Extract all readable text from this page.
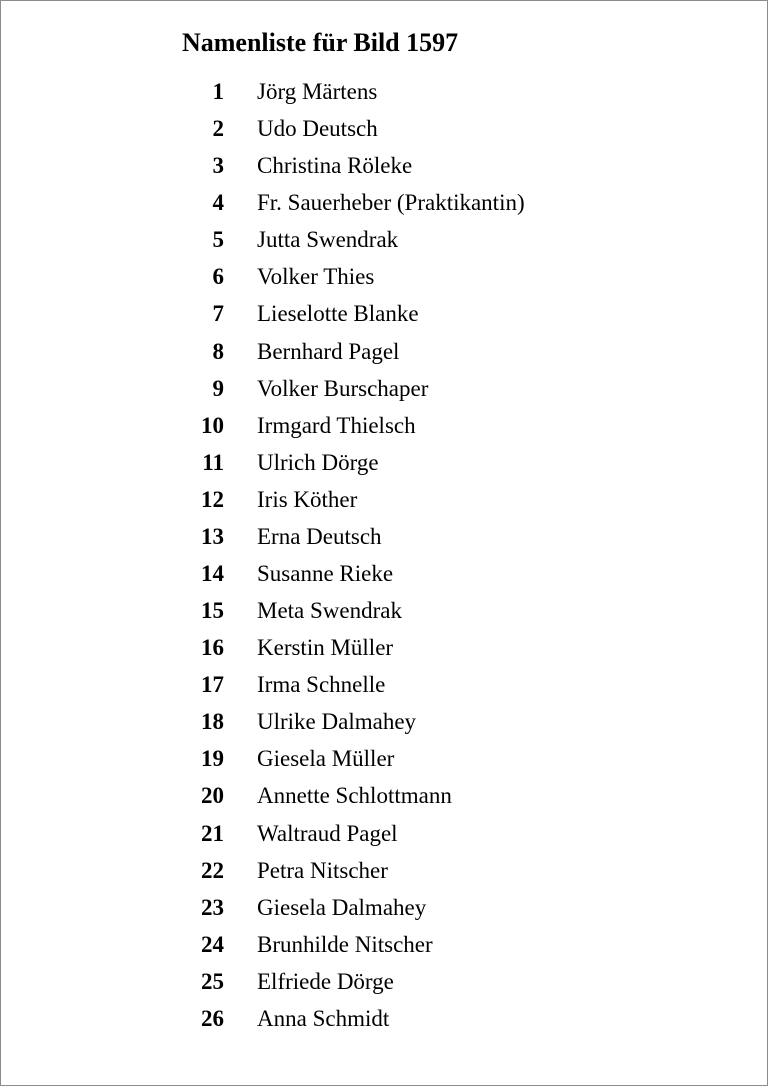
Namenliste für Bild 1597
1 Jörg Märtens
2 Udo Deutsch
3 Christina Röleke
4 Fr. Sauerheber (Praktikantin)
5 Jutta Swendrak
6 Volker Thies
7 Lieselotte Blanke
8 Bernhard Pagel
9 Volker Burschaper
10 Irmgard Thielsch
11 Ulrich Dörge
12 Iris Köther
13 Erna Deutsch
14 Susanne Rieke
15 Meta Swendrak
16 Kerstin Müller
17 Irma Schnelle
18 Ulrike Dalmahey
19 Giesela Müller
20 Annette Schlottmann
21 Waltraud Pagel
22 Petra Nitscher
23 Giesela Dalmahey
24 Brunhilde Nitscher
25 Elfriede Dörge
26 Anna Schmidt
